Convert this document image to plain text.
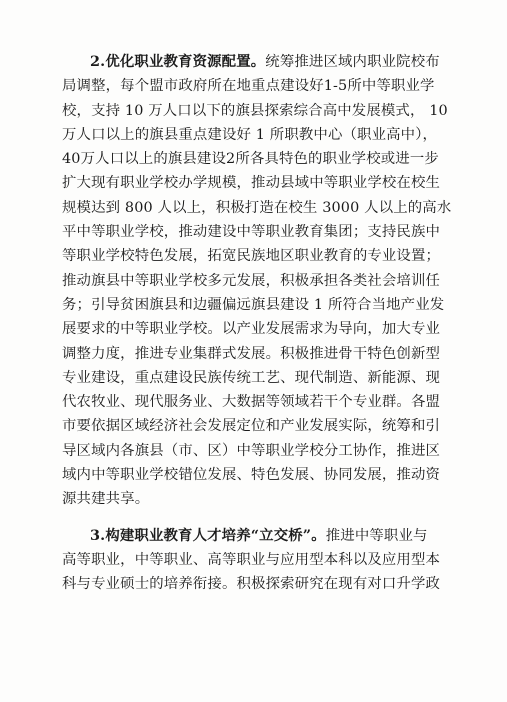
2.优化职业教育资源配置。统筹推进区域内职业院校布
局调整，每个盟市政府所在地重点建设好1-5所中等职业学
校，支持 10 万人口以下的旗县探索综合高中发展模式， 10
万人口以上的旗县重点建设好 1 所职教中心（职业高中），
40万人口以上的旗县建设2所各具特色的职业学校或进一步
扩大现有职业学校办学规模，推动县域中等职业学校在校生
规模达到 800 人以上，积极打造在校生 3000 人以上的高水
平中等职业学校，推动建设中等职业教育集团；支持民族中
等职业学校特色发展，拓宽民族地区职业教育的专业设置；
推动旗县中等职业学校多元发展，积极承担各类社会培训任
务；引导贫困旗县和边疆偏远旗县建设 1 所符合当地产业发
展要求的中等职业学校。以产业发展需求为导向，加大专业
调整力度，推进专业集群式发展。积极推进骨干特色创新型
专业建设，重点建设民族传统工艺、现代制造、新能源、现
代农牧业、现代服务业、大数据等领域若干个专业群。各盟
市要依据区域经济社会发展定位和产业发展实际，统筹和引
导区域内各旗县（市、区）中等职业学校分工协作，推进区
域内中等职业学校错位发展、特色发展、协同发展，推动资
源共建共享。
3.构建职业教育人才培养“立交桥”。推进中等职业与
高等职业，中等职业、高等职业与应用型本科以及应用型本
科与专业硕士的培养衔接。积极探索研究在现有对口升学政
